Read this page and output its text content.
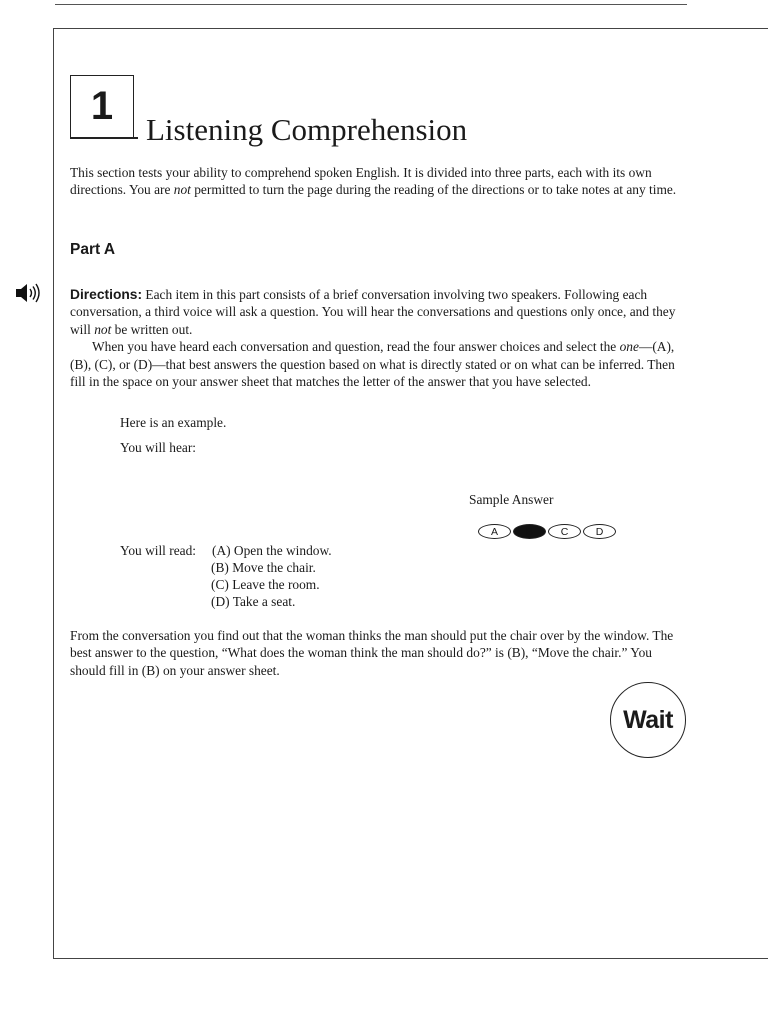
1
Listening Comprehension
This section tests your ability to comprehend spoken English. It is divided into three parts, each with its own directions. You are not permitted to turn the page during the reading of the directions or to take notes at any time.
Part A
Directions: Each item in this part consists of a brief conversation involving two speakers. Following each conversation, a third voice will ask a question. You will hear the conversations and questions only once, and they will not be written out.
When you have heard each conversation and question, read the four answer choices and select the one—(A), (B), (C), or (D)—that best answers the question based on what is directly stated or on what can be inferred. Then fill in the space on your answer sheet that matches the letter of the answer that you have selected.
Here is an example.
You will hear:
Sample Answer
A	B	C	D
You will read: (A) Open the window.
(B) Move the chair.
(C) Leave the room.
(D) Take a seat.
From the conversation you find out that the woman thinks the man should put the chair over by the window. The best answer to the question, “What does the woman think the man should do?” is (B), “Move the chair.” You should fill in (B) on your answer sheet.
Wait
